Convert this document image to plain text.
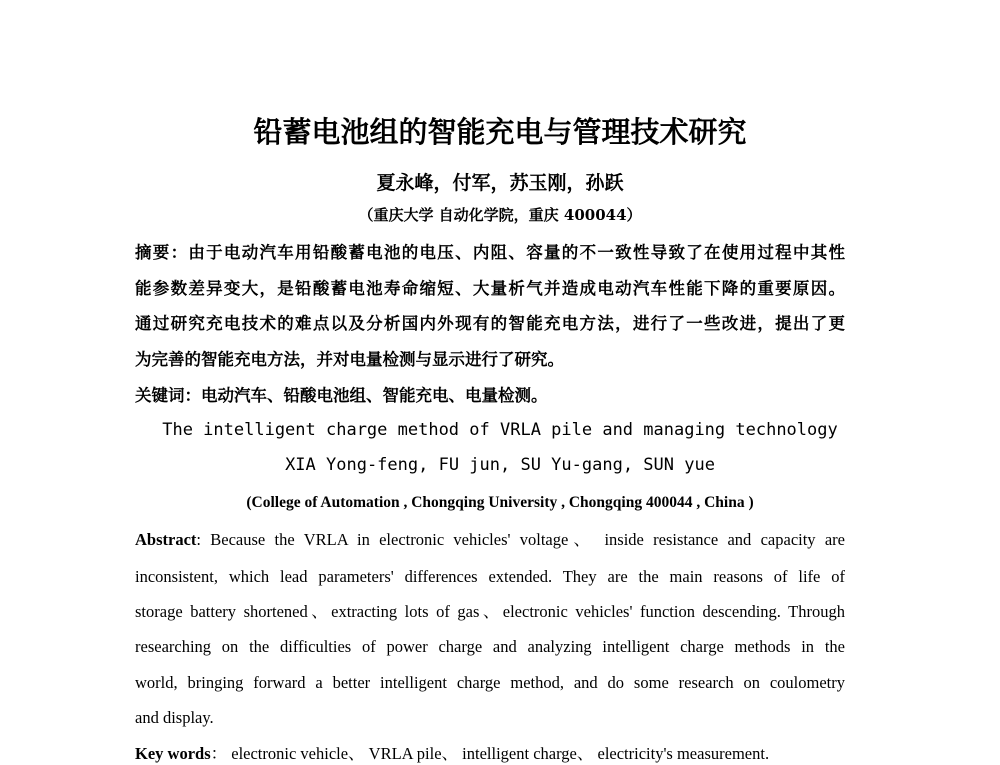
铅蓄电池组的智能充电与管理技术研究
夏永峰，付军，苏玉刚，孙跃
（重庆大学 自动化学院，重庆 400044）
摘要：由于电动汽车用铅酸蓄电池的电压、内阻、容量的不一致性导致了在使用过程中其性
能参数差异变大，是铅酸蓄电池寿命缩短、大量析气并造成电动汽车性能下降的重要原因。
通过研究充电技术的难点以及分析国内外现有的智能充电方法，进行了一些改进，提出了更
为完善的智能充电方法，并对电量检测与显示进行了研究。
关键词：电动汽车、铅酸电池组、智能充电、电量检测。
The intelligent charge method of VRLA pile and managing technology
XIA Yong-feng, FU jun, SU Yu-gang, SUN yue
(College of Automation , Chongqing University , Chongqing 400044 , China )
Abstract: Because the VRLA in electronic vehicles' voltage、 inside resistance and capacity are
inconsistent, which lead parameters' differences extended. They are the main reasons of life of
storage battery shortened、extracting lots of gas、electronic vehicles' function descending. Through
researching on the difficulties of power charge and analyzing intelligent charge methods in the
world, bringing forward a better intelligent charge method, and do some research on coulometry
and display.
Key words： electronic vehicle、 VRLA pile、 intelligent charge、 electricity's measurement.
